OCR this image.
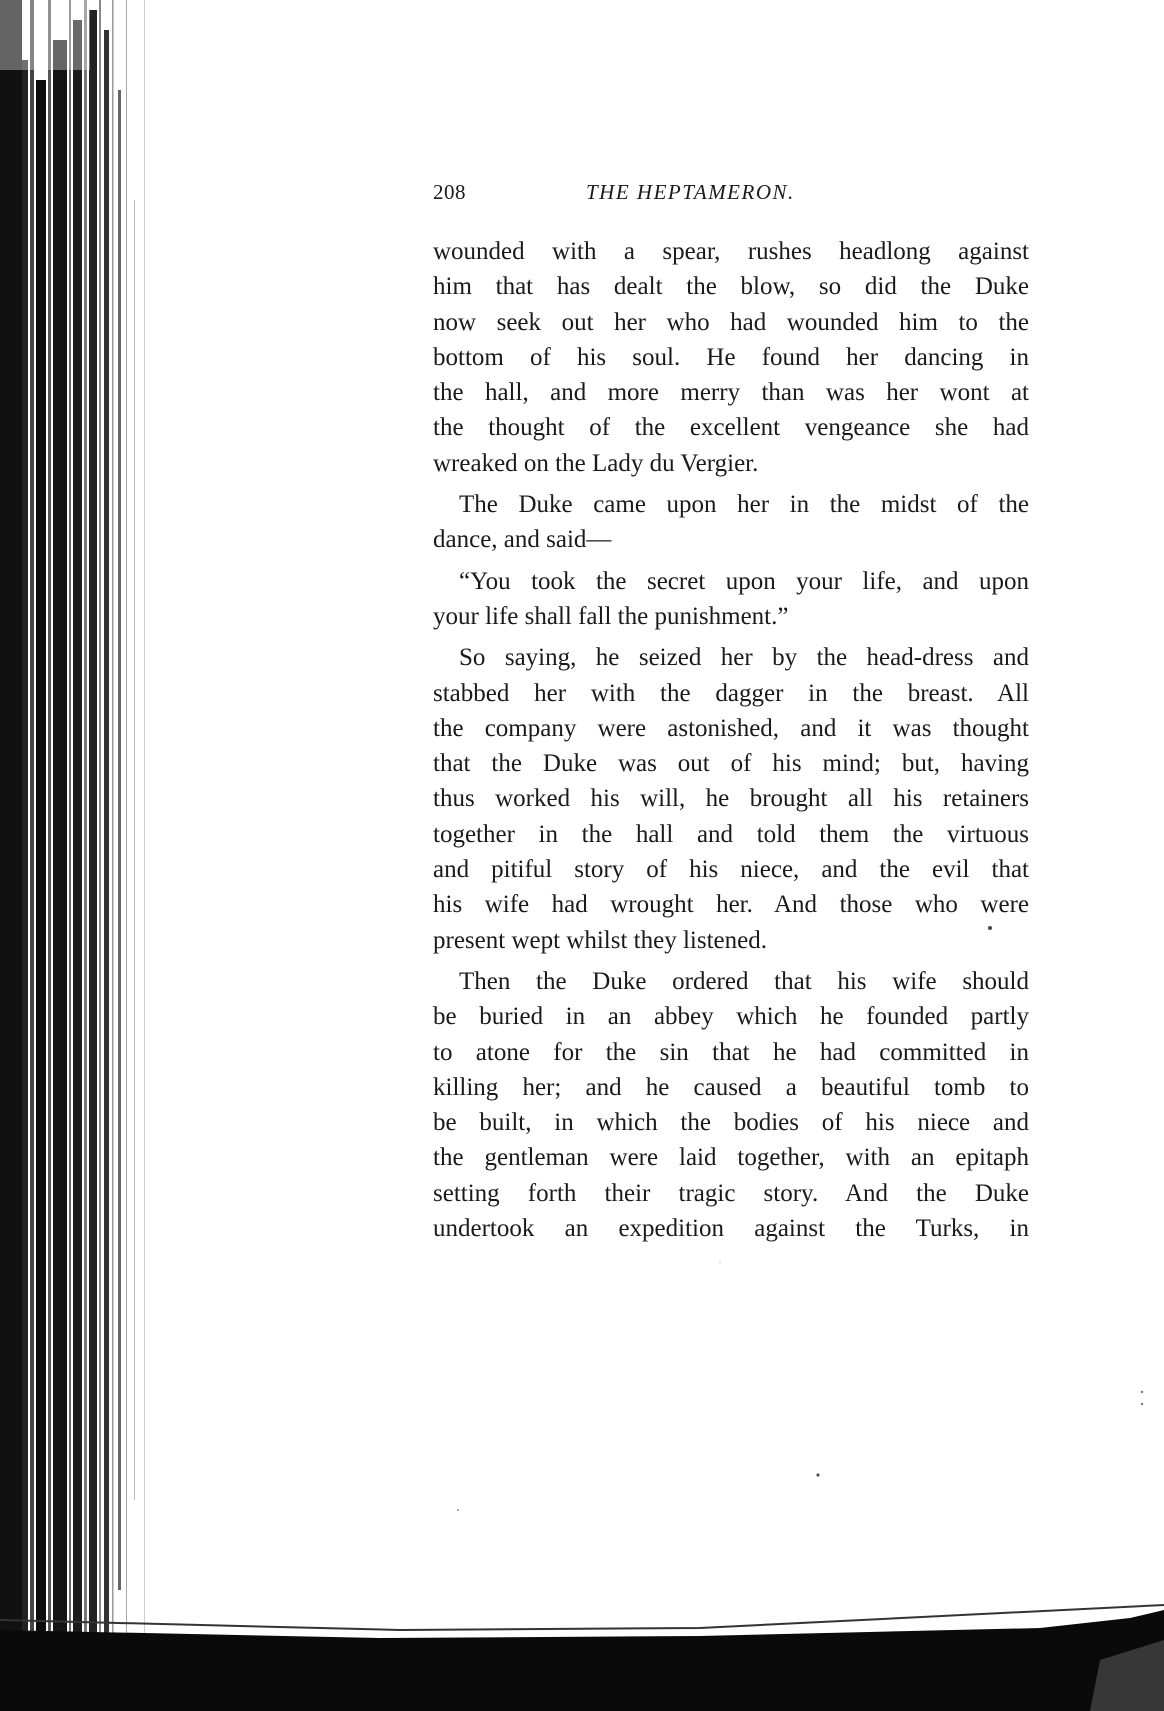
208	THE HEPTAMERON.
wounded with a spear, rushes headlong against
him that has dealt the blow, so did the Duke
now seek out her who had wounded him to the
bottom of his soul. He found her dancing in
the hall, and more merry than was her wont at
the thought of the excellent vengeance she had
wreaked on the Lady du Vergier.
The Duke came upon her in the midst of the
dance, and said—
“You took the secret upon your life, and upon
your life shall fall the punishment.”
So saying, he seized her by the head-dress and
stabbed her with the dagger in the breast. All
the company were astonished, and it was thought
that the Duke was out of his mind; but, having
thus worked his will, he brought all his retainers
together in the hall and told them the virtuous
and pitiful story of his niece, and the evil that
his wife had wrought her. And those who were
present wept whilst they listened.
Then the Duke ordered that his wife should
be buried in an abbey which he founded partly
to atone for the sin that he had committed in
killing her; and he caused a beautiful tomb to
be built, in which the bodies of his niece and
the gentleman were laid together, with an epitaph
setting forth their tragic story. And the Duke
undertook an expedition against the Turks, in
